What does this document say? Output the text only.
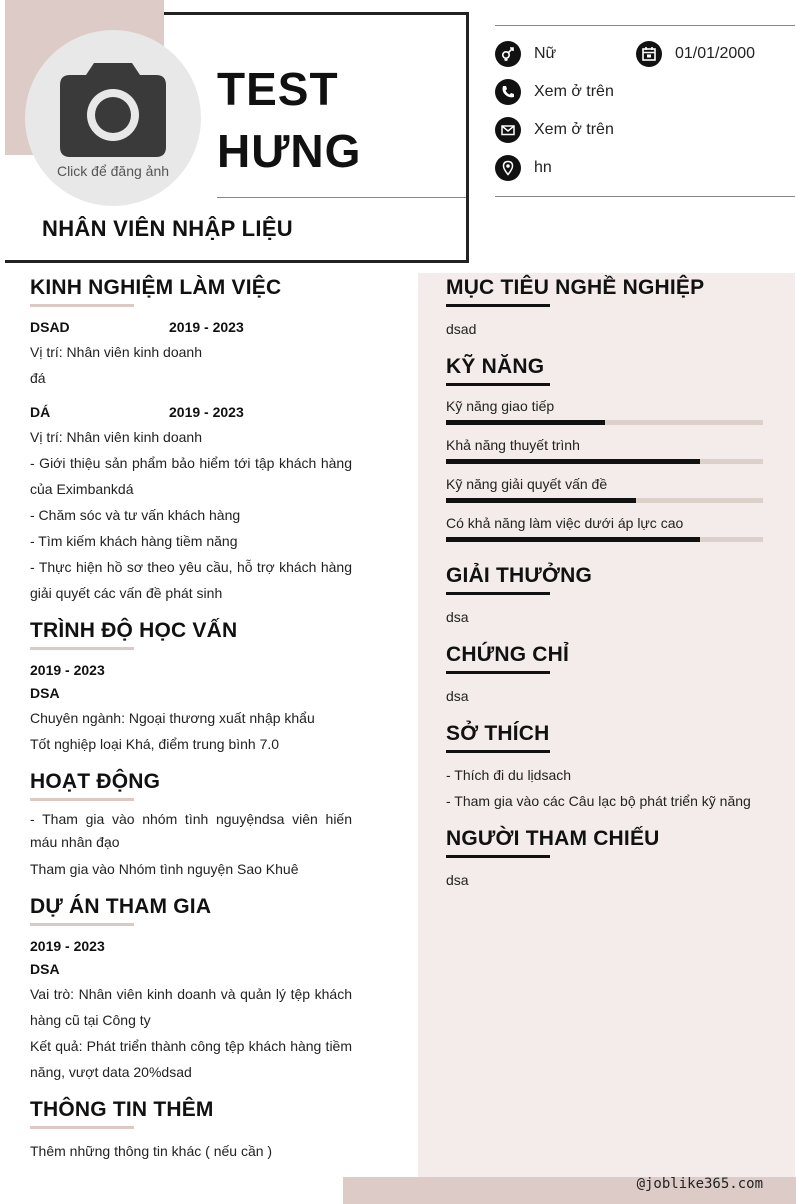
Click để đăng ảnh
TEST
HƯNG
NHÂN VIÊN NHẬP LIỆU
Nữ	01/01/2000
Xem ở trên
Xem ở trên
hn
KINH NGHIỆM LÀM VIỆC
DSAD	2019 - 2023
Vị trí: Nhân viên kinh doanh
đá
DÁ	2019 - 2023
Vị trí: Nhân viên kinh doanh
- Giới thiệu sản phẩm bảo hiểm tới tập khách hàng của Eximbankdá
- Chăm sóc và tư vấn khách hàng
- Tìm kiếm khách hàng tiềm năng
- Thực hiện hồ sơ theo yêu cầu, hỗ trợ khách hàng giải quyết các vấn đề phát sinh
TRÌNH ĐỘ HỌC VẤN
2019 - 2023
DSA
Chuyên ngành: Ngoại thương xuất nhập khẩu
Tốt nghiệp loại Khá, điểm trung bình 7.0
HOẠT ĐỘNG
- Tham gia vào nhóm tình nguyệndsa viên hiến máu nhân đạo
Tham gia vào Nhóm tình nguyện Sao Khuê
DỰ ÁN THAM GIA
2019 - 2023
DSA
Vai trò: Nhân viên kinh doanh và quản lý tệp khách hàng cũ tại Công ty
Kết quả: Phát triển thành công tệp khách hàng tiềm năng, vượt data 20%dsad
THÔNG TIN THÊM
Thêm những thông tin khác ( nếu cần )
MỤC TIÊU NGHỀ NGHIỆP
dsad
KỸ NĂNG
Kỹ năng giao tiếp
Khả năng thuyết trình
Kỹ năng giải quyết vấn đề
Có khả năng làm việc dưới áp lực cao
GIẢI THƯỞNG
dsa
CHỨNG CHỈ
dsa
SỞ THÍCH
- Thích đi du lịdsach
- Tham gia vào các Câu lạc bộ phát triển kỹ năng
NGƯỜI THAM CHIẾU
dsa
@joblike365.com
